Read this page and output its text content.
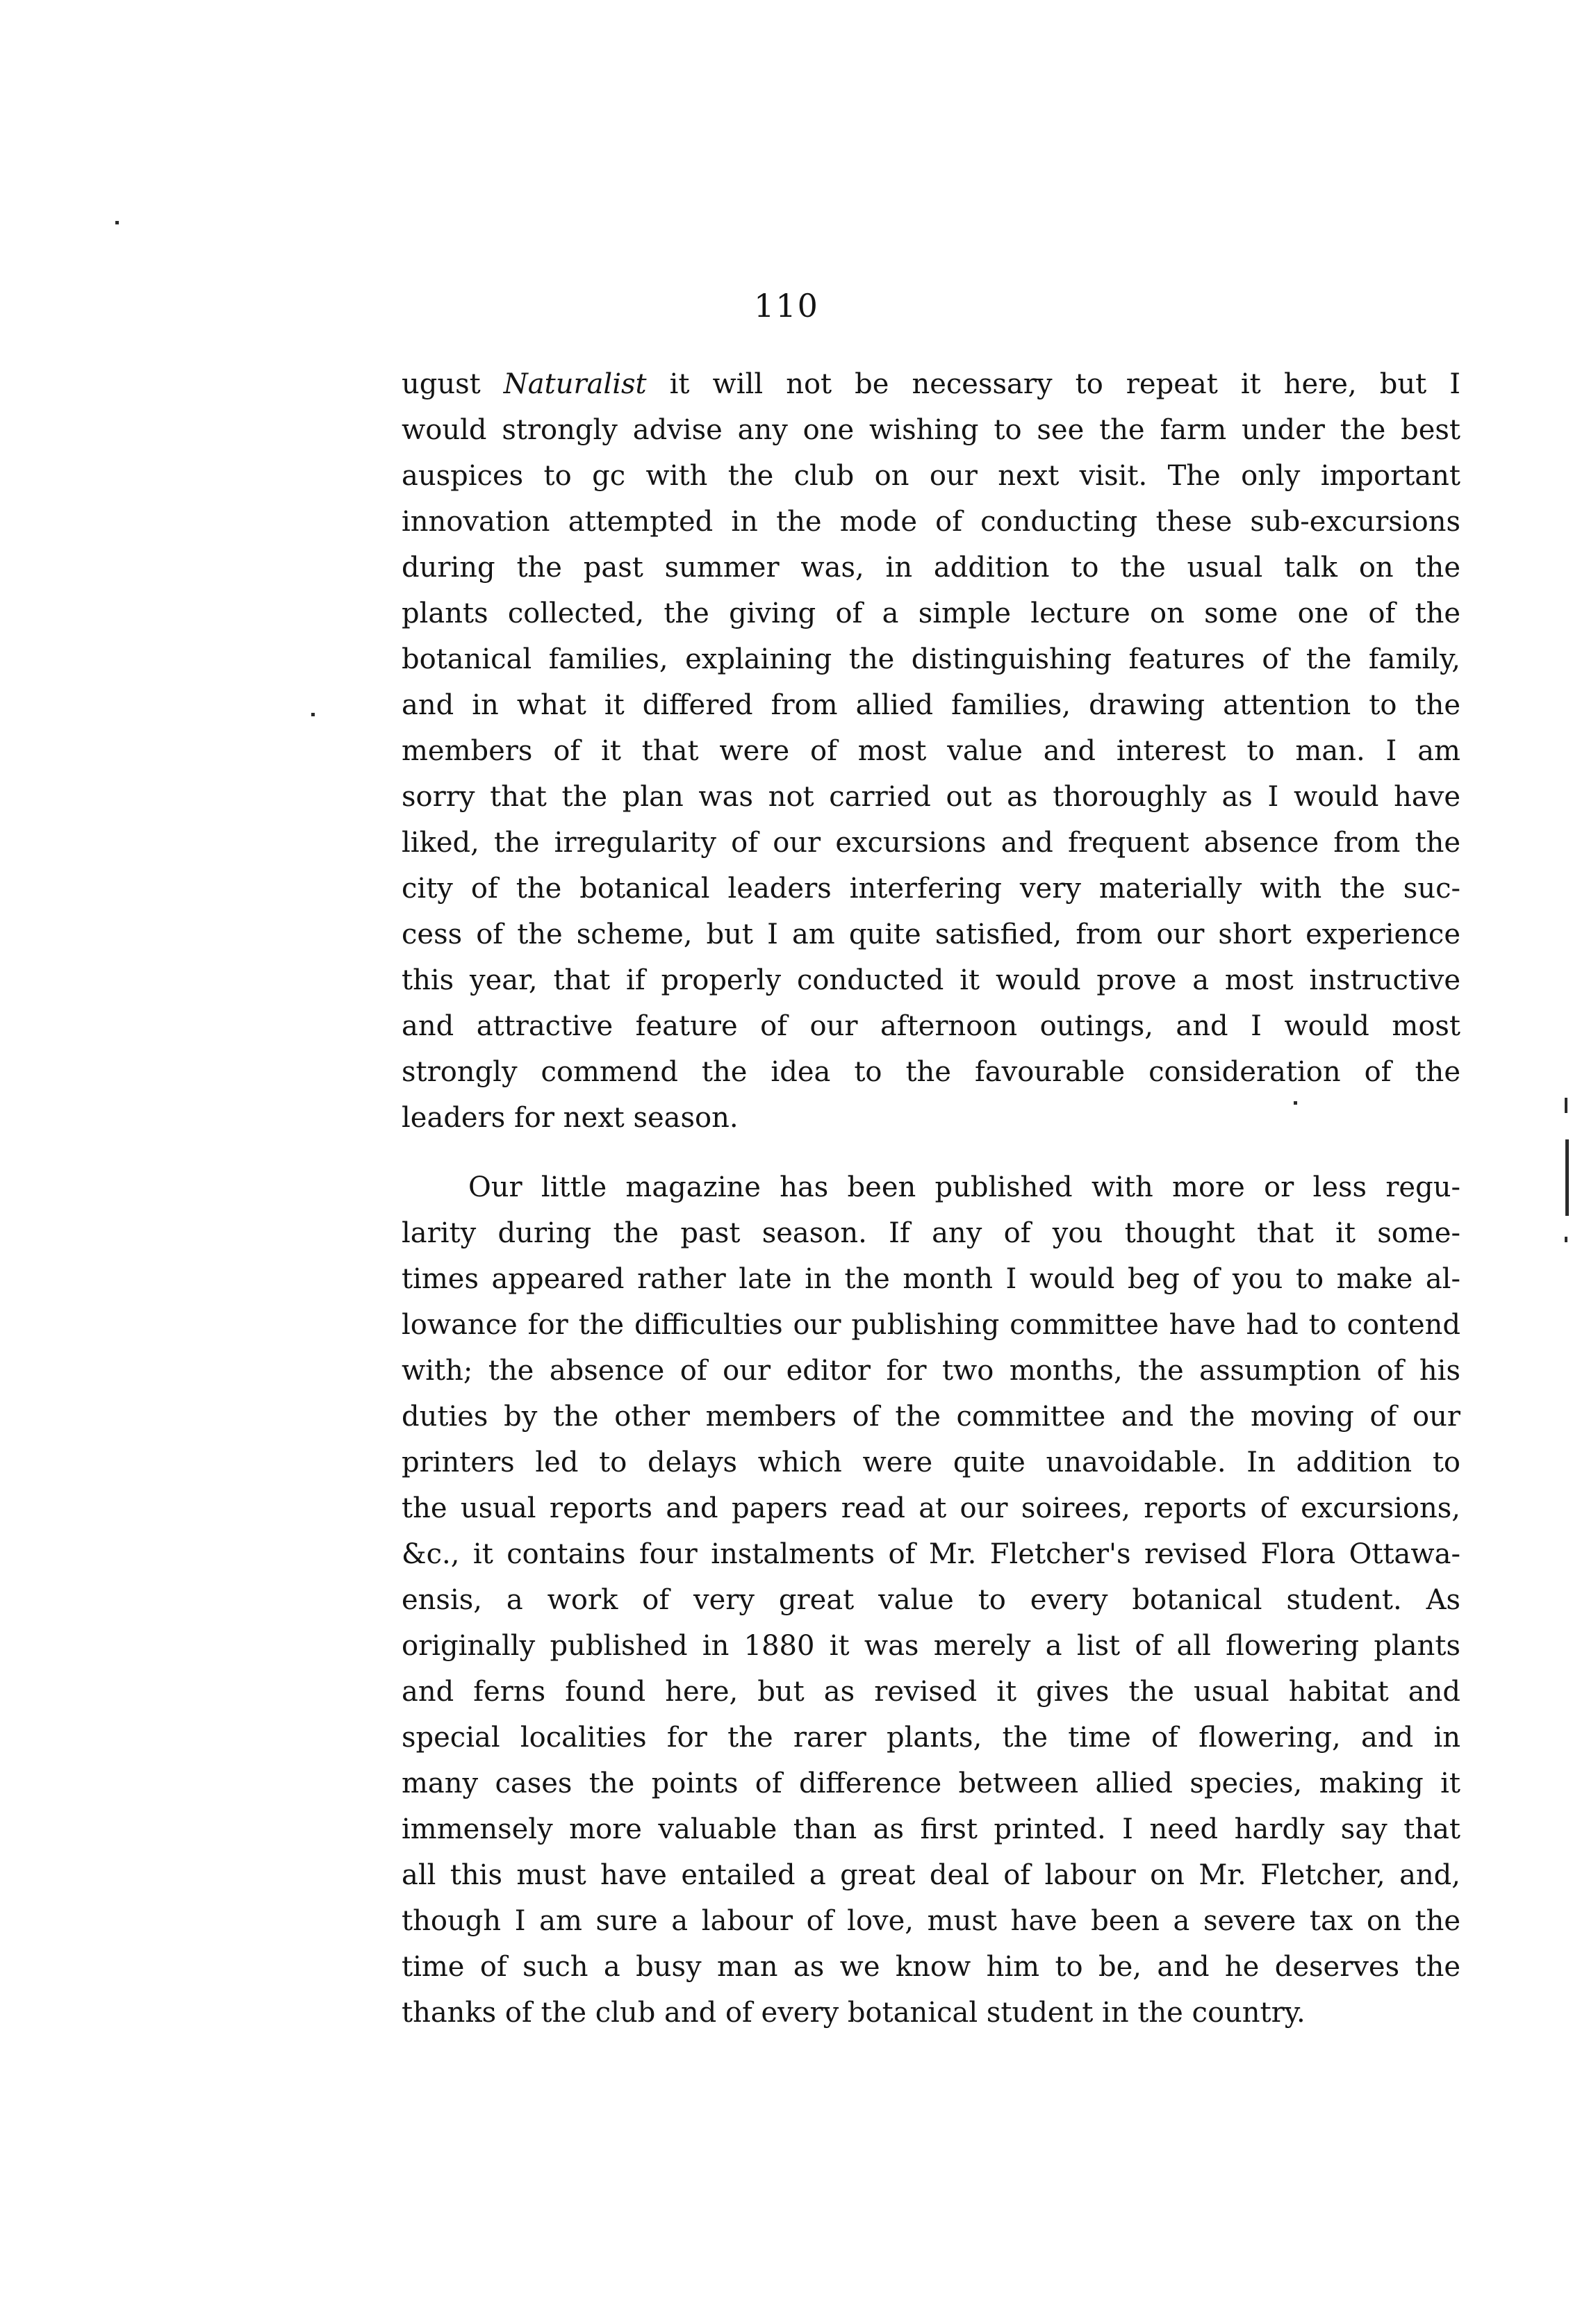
110
ugust Naturalist it will not be necessary to repeat it here, but I
would strongly advise any one wishing to see the farm under the best
auspices to gc with the club on our next visit. The only important
innovation attempted in the mode of conducting these sub-excursions
during the past summer was, in addition to the usual talk on the
plants collected, the giving of a simple lecture on some one of the
botanical families, explaining the distinguishing features of the family,
and in what it differed from allied families, drawing attention to the
members of it that were of most value and interest to man. I am
sorry that the plan was not carried out as thoroughly as I would have
liked, the irregularity of our excursions and frequent absence from the
city of the botanical leaders interfering very materially with the suc-
cess of the scheme, but I am quite satisfied, from our short experience
this year, that if properly conducted it would prove a most instructive
and attractive feature of our afternoon outings, and I would most
strongly commend the idea to the favourable consideration of the
leaders for next season.
Our little magazine has been published with more or less regu-
larity during the past season. If any of you thought that it some-
times appeared rather late in the month I would beg of you to make al-
lowance for the difficulties our publishing committee have had to contend
with; the absence of our editor for two months, the assumption of his
duties by the other members of the committee and the moving of our
printers led to delays which were quite unavoidable. In addition to
the usual reports and papers read at our soirees, reports of excursions,
&c., it contains four instalments of Mr. Fletcher's revised Flora Ottawa-
ensis, a work of very great value to every botanical student. As
originally published in 1880 it was merely a list of all flowering plants
and ferns found here, but as revised it gives the usual habitat and
special localities for the rarer plants, the time of flowering, and in
many cases the points of difference between allied species, making it
immensely more valuable than as first printed. I need hardly say that
all this must have entailed a great deal of labour on Mr. Fletcher, and,
though I am sure a labour of love, must have been a severe tax on the
time of such a busy man as we know him to be, and he deserves the
thanks of the club and of every botanical student in the country.
